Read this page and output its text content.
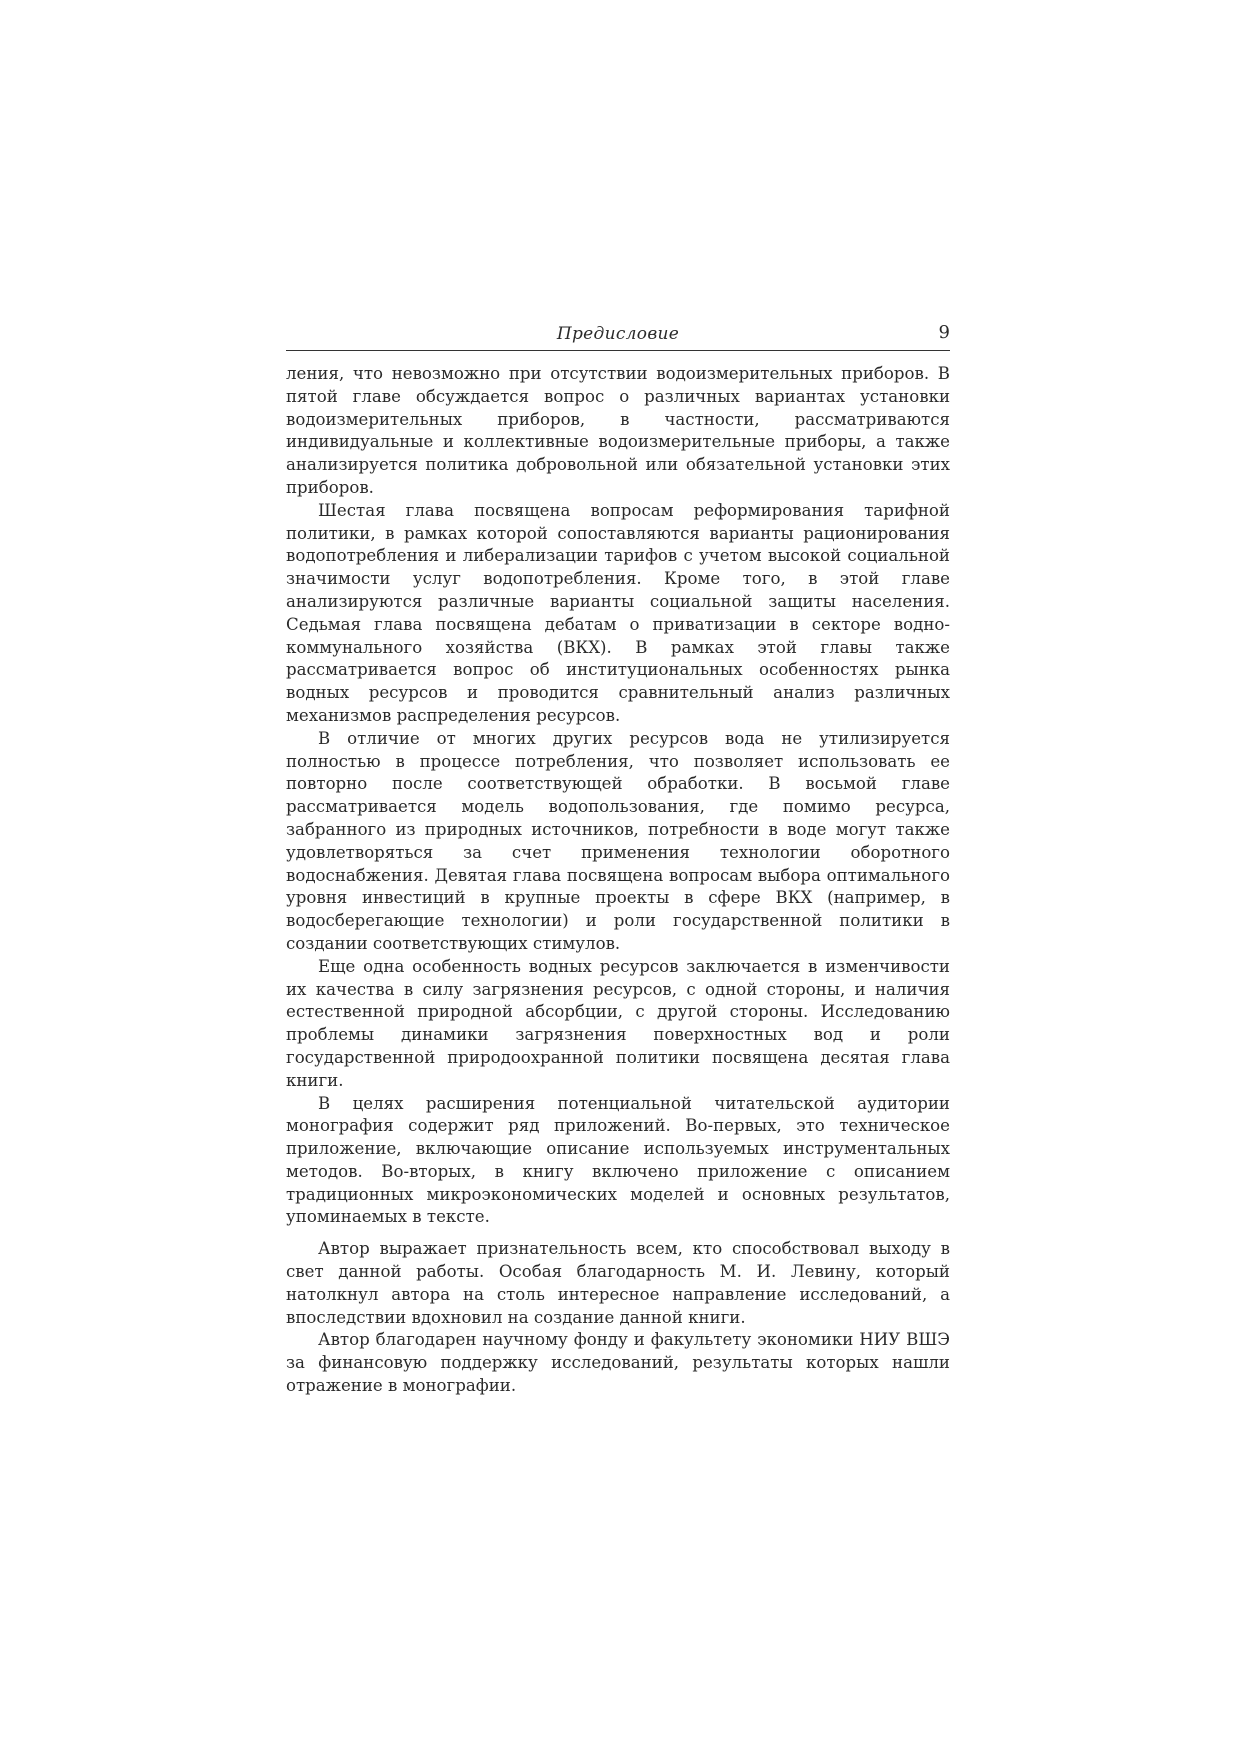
Предисловие	9

ления, что невозможно при отсутствии водоизмерительных приборов. В пятой главе обсуждается вопрос о различных вариантах установки водоизмерительных приборов, в частности, рассматриваются индивидуальные и коллективные водоизмерительные приборы, а также анализируется политика добровольной или обязательной установки этих приборов.

Шестая глава посвящена вопросам реформирования тарифной политики, в рамках которой сопоставляются варианты рационирования водопотребления и либерализации тарифов с учетом высокой социальной значимости услуг водопотребления. Кроме того, в этой главе анализируются различные варианты социальной защиты населения. Седьмая глава посвящена дебатам о приватизации в секторе водно-коммунального хозяйства (ВКХ). В рамках этой главы также рассматривается вопрос об институциональных особенностях рынка водных ресурсов и проводится сравнительный анализ различных механизмов распределения ресурсов.

В отличие от многих других ресурсов вода не утилизируется полностью в процессе потребления, что позволяет использовать ее повторно после соответствующей обработки. В восьмой главе рассматривается модель водопользования, где помимо ресурса, забранного из природных источников, потребности в воде могут также удовлетворяться за счет применения технологии оборотного водоснабжения. Девятая глава посвящена вопросам выбора оптимального уровня инвестиций в крупные проекты в сфере ВКХ (например, в водосберегающие технологии) и роли государственной политики в создании соответствующих стимулов.

Еще одна особенность водных ресурсов заключается в изменчивости их качества в силу загрязнения ресурсов, с одной стороны, и наличия естественной природной абсорбции, с другой стороны. Исследованию проблемы динамики загрязнения поверхностных вод и роли государственной природоохранной политики посвящена десятая глава книги.

В целях расширения потенциальной читательской аудитории монография содержит ряд приложений. Во-первых, это техническое приложение, включающие описание используемых инструментальных методов. Во-вторых, в книгу включено приложение с описанием традиционных микроэкономических моделей и основных результатов, упоминаемых в тексте.

Автор выражает признательность всем, кто способствовал выходу в свет данной работы. Особая благодарность М. И. Левину, который натолкнул автора на столь интересное направление исследований, а впоследствии вдохновил на создание данной книги.

Автор благодарен научному фонду и факультету экономики НИУ ВШЭ за финансовую поддержку исследований, результаты которых нашли отражение в монографии.
